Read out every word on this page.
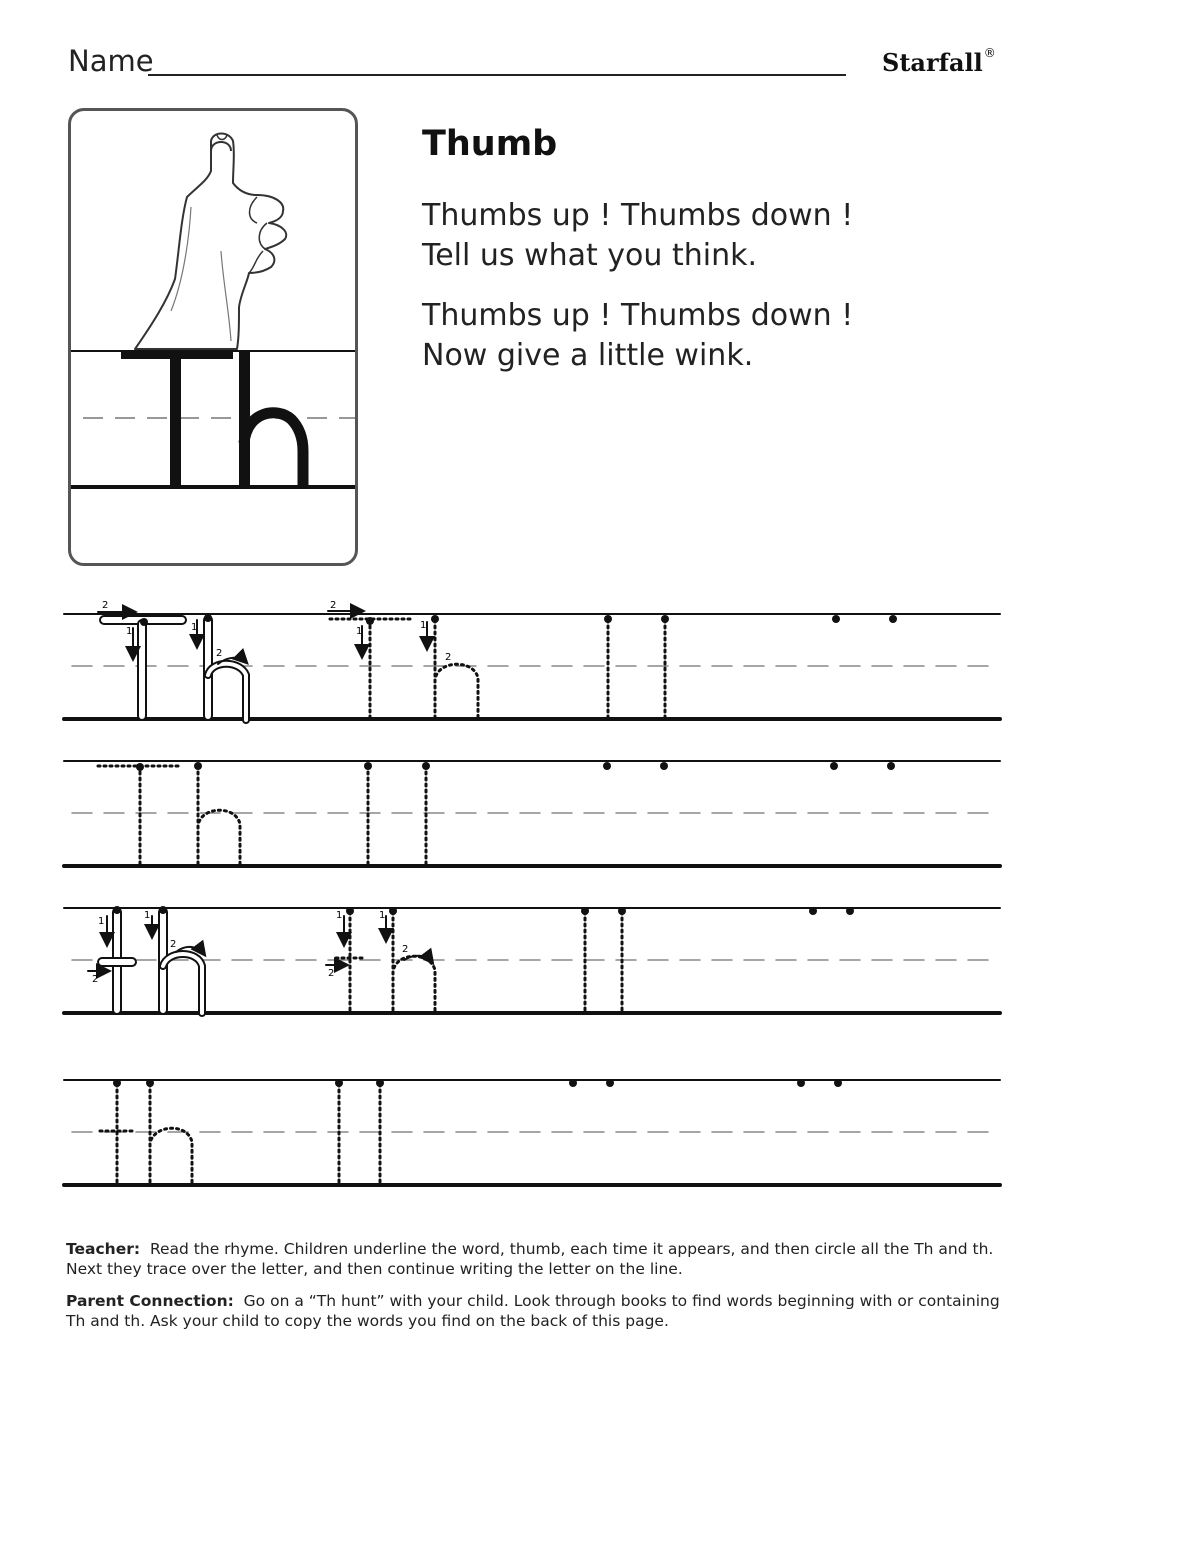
Name	Starfall®
Thumb
Thumbs up ! Thumbs down !
Tell us what you think.
Thumbs up ! Thumbs down !
Now give a little wink.
2
1	1
2
2
1
1
2
1
1
2
2
1	1
2
2
Teacher: Read the rhyme. Children underline the word, thumb, each time it appears, and then circle all the Th and th.
Next they trace over the letter, and then continue writing the letter on the line.
Parent Connection: Go on a “Th hunt” with your child. Look through books to find words beginning with or containing
Th and th. Ask your child to copy the words you find on the back of this page.
